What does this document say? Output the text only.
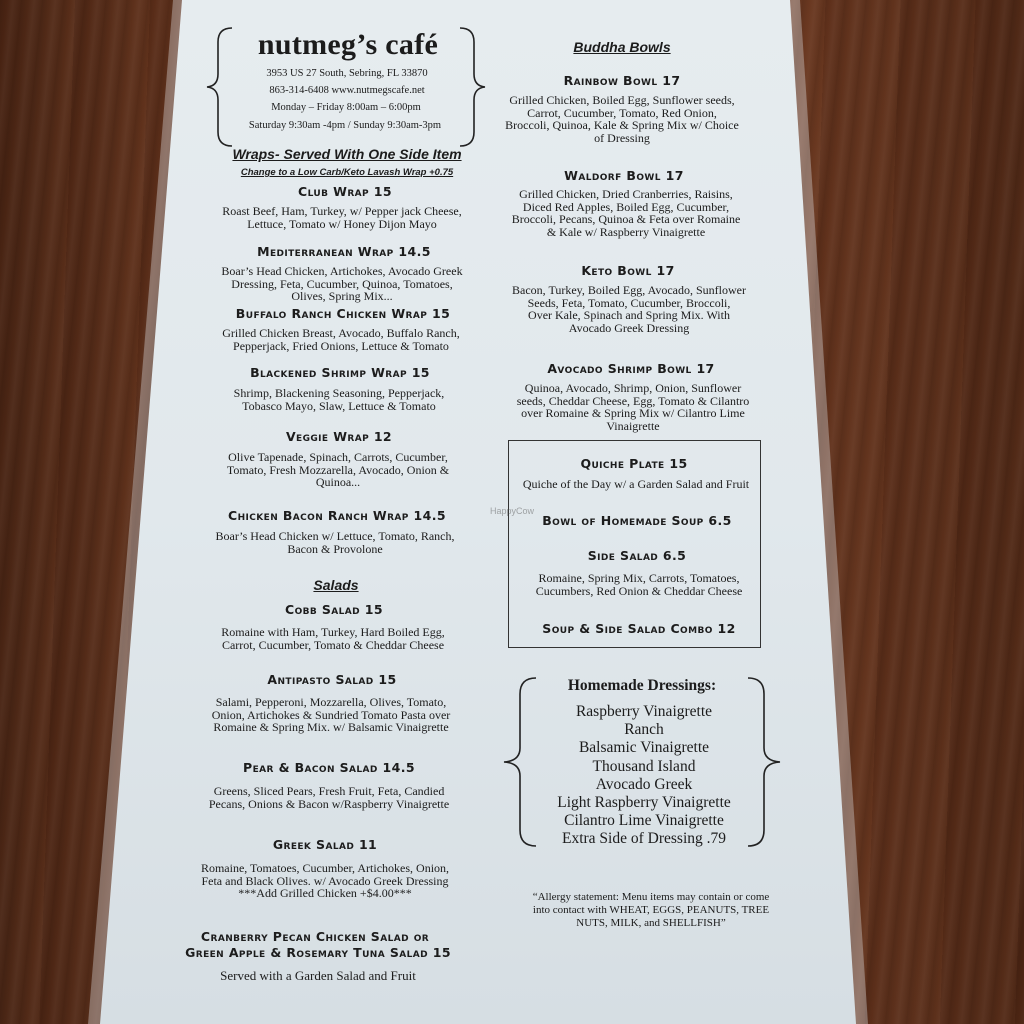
nutmeg’s café
3953 US 27 South, Sebring, FL 33870
863-314-6408 www.nutmegscafe.net
Monday – Friday 8:00am – 6:00pm
Saturday 9:30am -4pm / Sunday 9:30am-3pm
Wraps- Served With One Side Item
Change to a Low Carb/Keto Lavash Wrap +0.75
Club Wrap 15
Roast Beef, Ham, Turkey, w/ Pepper jack Cheese,
Lettuce, Tomato w/ Honey Dijon Mayo
Mediterranean Wrap 14.5
Boar’s Head Chicken, Artichokes, Avocado Greek
Dressing, Feta, Cucumber, Quinoa, Tomatoes,
Olives, Spring Mix...
Buffalo Ranch Chicken Wrap 15
Grilled Chicken Breast, Avocado, Buffalo Ranch,
Pepperjack, Fried Onions, Lettuce & Tomato
Blackened Shrimp Wrap 15
Shrimp, Blackening Seasoning, Pepperjack,
Tobasco Mayo, Slaw, Lettuce & Tomato
Veggie Wrap 12
Olive Tapenade, Spinach, Carrots, Cucumber,
Tomato, Fresh Mozzarella, Avocado, Onion &
Quinoa...
Chicken Bacon Ranch Wrap 14.5
Boar’s Head Chicken w/ Lettuce, Tomato, Ranch,
Bacon & Provolone
Salads
Cobb Salad 15
Romaine with Ham, Turkey, Hard Boiled Egg,
Carrot, Cucumber, Tomato & Cheddar Cheese
Antipasto Salad 15
Salami, Pepperoni, Mozzarella, Olives, Tomato,
Onion, Artichokes & Sundried Tomato Pasta over
Romaine & Spring Mix. w/ Balsamic Vinaigrette
Pear & Bacon Salad 14.5
Greens, Sliced Pears, Fresh Fruit, Feta, Candied
Pecans, Onions & Bacon w/Raspberry Vinaigrette
Greek Salad 11
Romaine, Tomatoes, Cucumber, Artichokes, Onion,
Feta and Black Olives. w/ Avocado Greek Dressing
***Add Grilled Chicken +$4.00***
Cranberry Pecan Chicken Salad or
Green Apple & Rosemary Tuna Salad 15
Served with a Garden Salad and Fruit
Buddha Bowls
Rainbow Bowl 17
Grilled Chicken, Boiled Egg, Sunflower seeds,
Carrot, Cucumber, Tomato, Red Onion,
Broccoli, Quinoa, Kale & Spring Mix w/ Choice
of Dressing
Waldorf Bowl 17
Grilled Chicken, Dried Cranberries, Raisins,
Diced Red Apples, Boiled Egg, Cucumber,
Broccoli, Pecans, Quinoa & Feta over Romaine
& Kale w/ Raspberry Vinaigrette
Keto Bowl 17
Bacon, Turkey, Boiled Egg, Avocado, Sunflower
Seeds, Feta, Tomato, Cucumber, Broccoli,
Over Kale, Spinach and Spring Mix. With
Avocado Greek Dressing
Avocado Shrimp Bowl 17
Quinoa, Avocado, Shrimp, Onion, Sunflower
seeds, Cheddar Cheese, Egg, Tomato & Cilantro
over Romaine & Spring Mix w/ Cilantro Lime
Vinaigrette
Quiche Plate 15
Quiche of the Day w/ a Garden Salad and Fruit
Bowl of Homemade Soup 6.5
Side Salad 6.5
Romaine, Spring Mix, Carrots, Tomatoes,
Cucumbers, Red Onion & Cheddar Cheese
Soup & Side Salad Combo 12
Homemade Dressings:
Raspberry Vinaigrette
Ranch
Balsamic Vinaigrette
Thousand Island
Avocado Greek
Light Raspberry Vinaigrette
Cilantro Lime Vinaigrette
Extra Side of Dressing .79
“Allergy statement: Menu items may contain or come
into contact with WHEAT, EGGS, PEANUTS, TREE
NUTS, MILK, and SHELLFISH”
HappyCow
